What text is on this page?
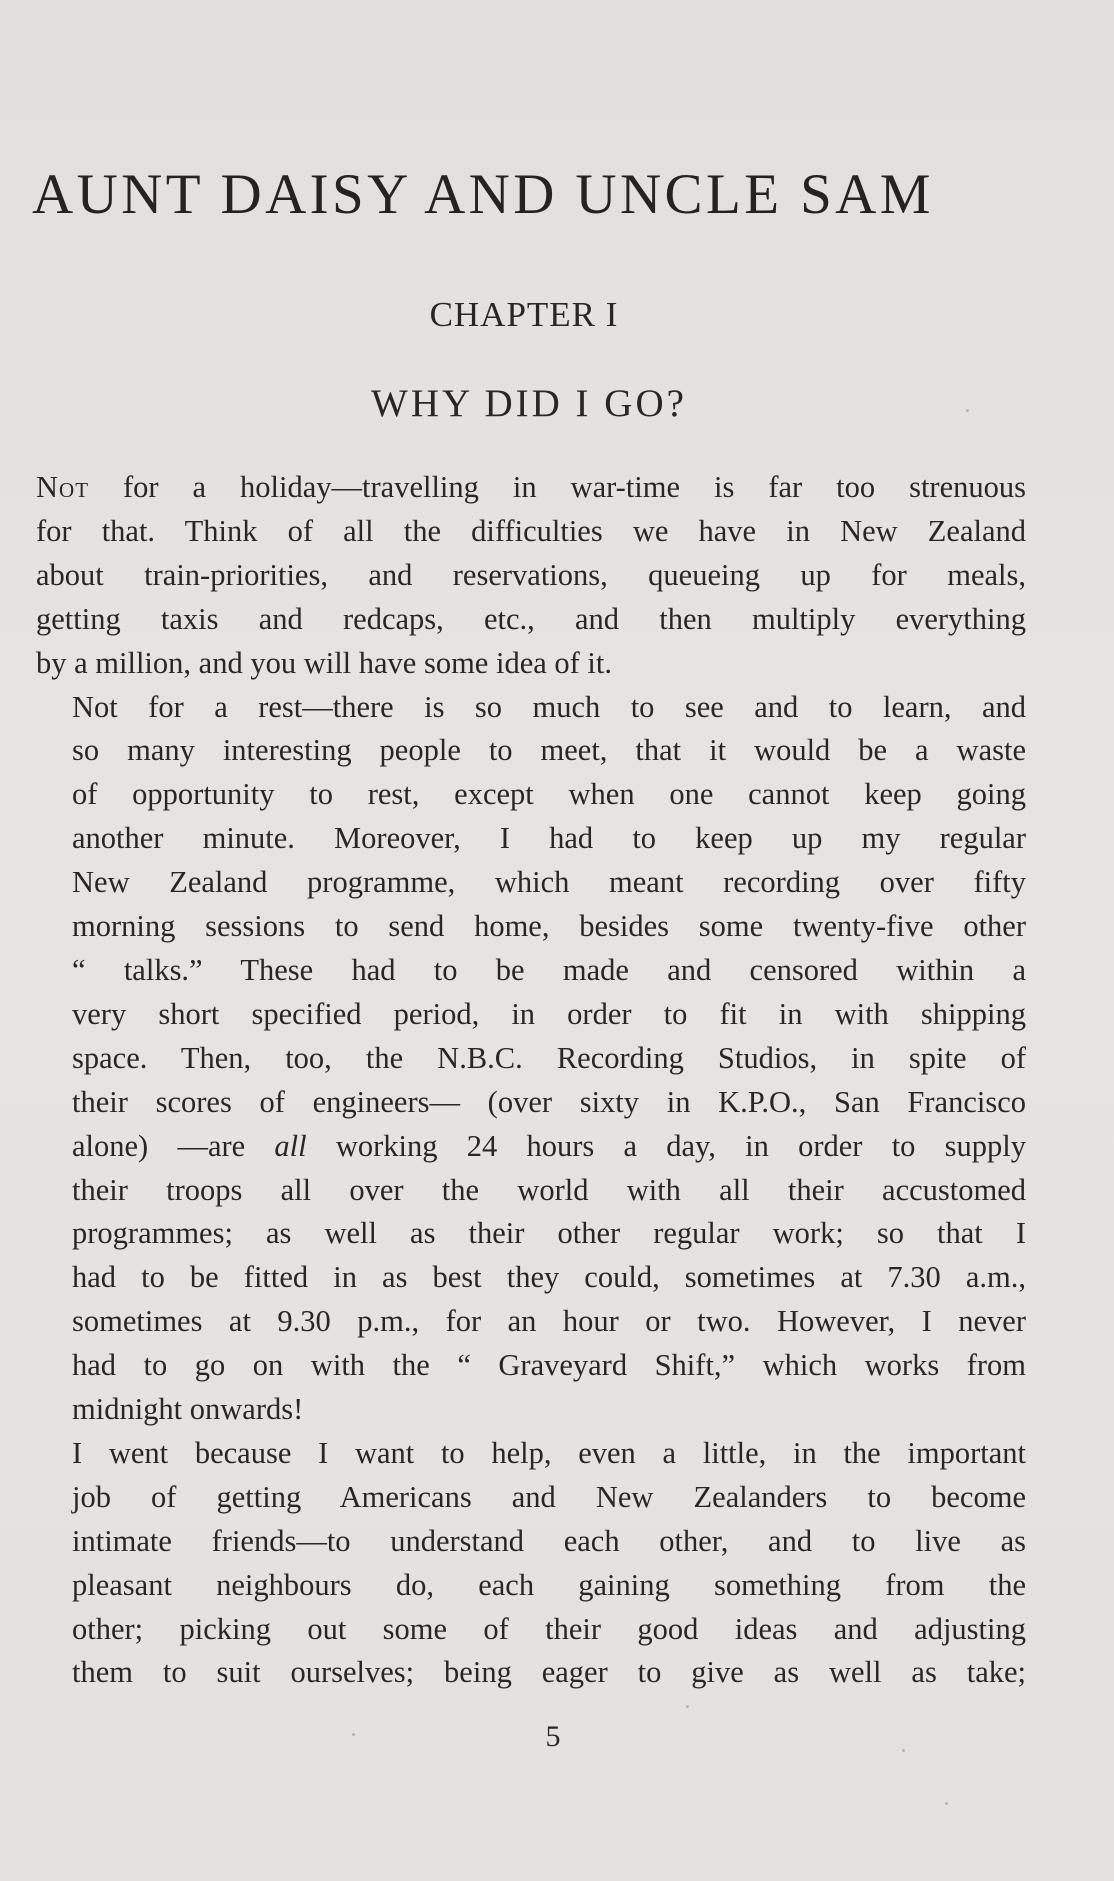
AUNT DAISY AND UNCLE SAM
CHAPTER I
WHY DID I GO?

Not for a holiday—travelling in war-time is far too strenuous
for that. Think of all the difficulties we have in New Zealand
about train-priorities, and reservations, queueing up for meals,
getting taxis and redcaps, etc., and then multiply everything
by a million, and you will have some idea of it.

Not for a rest—there is so much to see and to learn, and
so many interesting people to meet, that it would be a waste
of opportunity to rest, except when one cannot keep going
another minute. Moreover, I had to keep up my regular
New Zealand programme, which meant recording over fifty
morning sessions to send home, besides some twenty-five other
“ talks.” These had to be made and censored within a
very short specified period, in order to fit in with shipping
space. Then, too, the N.B.C. Recording Studios, in spite of
their scores of engineers— (over sixty in K.P.O., San Francisco
alone) —are all working 24 hours a day, in order to supply
their troops all over the world with all their accustomed
programmes; as well as their other regular work; so that I
had to be fitted in as best they could, sometimes at 7.30 a.m.,
sometimes at 9.30 p.m., for an hour or two. However, I never
had to go on with the “ Graveyard Shift,” which works from
midnight onwards!

I went because I want to help, even a little, in the important
job of getting Americans and New Zealanders to become
intimate friends—to understand each other, and to live as
pleasant neighbours do, each gaining something from the
other; picking out some of their good ideas and adjusting
them to suit ourselves; being eager to give as well as take;

5
